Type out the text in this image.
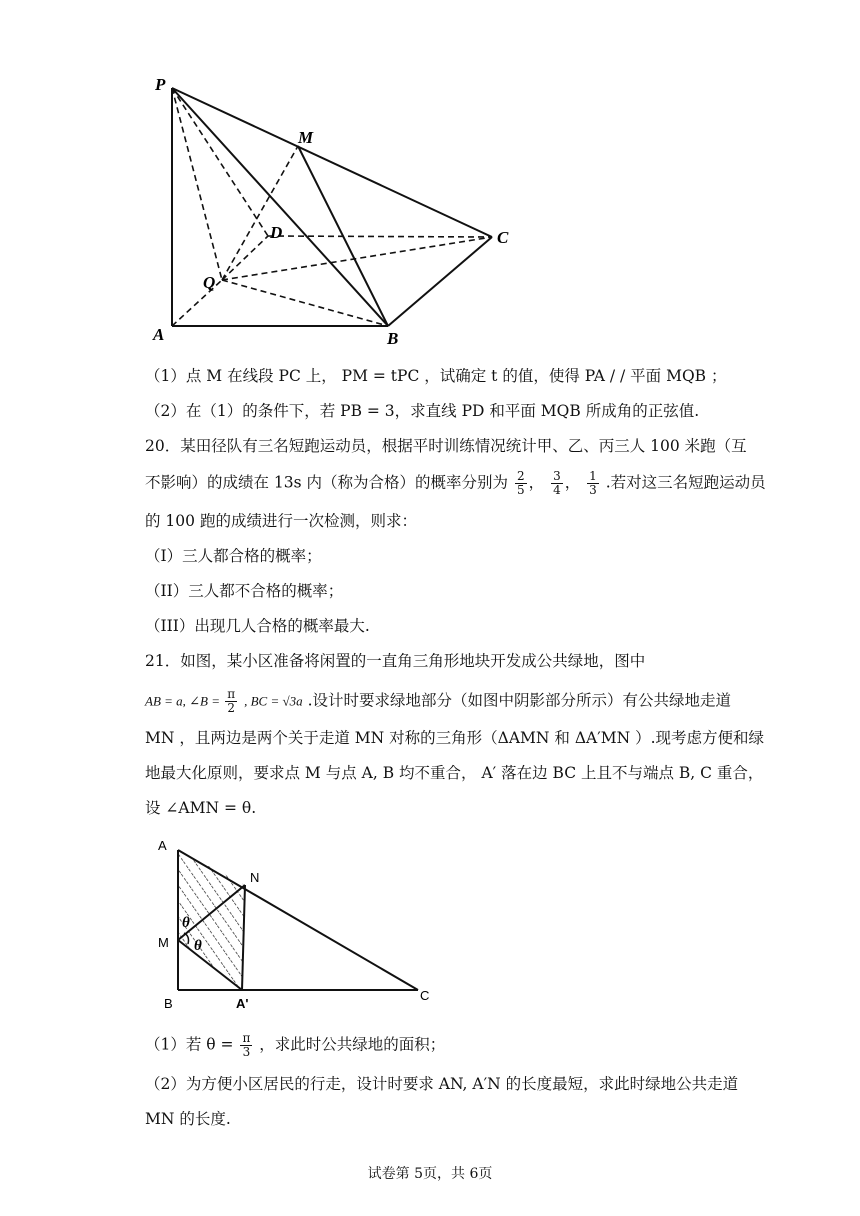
P
M
D	C
Q
A	B
（1）点 M 在线段 PC 上， PM = tPC ，试确定 t 的值，使得 PA / / 平面 MQB ；
（2）在（1）的条件下，若 PB = 3，求直线 PD 和平面 MQB 所成角的正弦值.
20．某田径队有三名短跑运动员，根据平时训练情况统计甲、乙、丙三人 100 米跑（互
不影响）的成绩在 13s 内（称为合格）的概率分别为 $\frac{2}{5}$ ， $\frac{3}{4}$ ， $\frac{1}{3}$ .若对这三名短跑运动员
的 100 跑的成绩进行一次检测，则求：
（I）三人都合格的概率；
（II）三人都不合格的概率；
（III）出现几人合格的概率最大.
21．如图，某小区准备将闲置的一直角三角形地块开发成公共绿地，图中
AB = a, ∠B = $\frac{\pi}{2}$ , BC = √3a .设计时要求绿地部分（如图中阴影部分所示）有公共绿地走道
MN ，且两边是两个关于走道 MN 对称的三角形（ΔAMN 和 ΔA′MN ）.现考虑方便和绿
地最大化原则，要求点 M 与点 A, B 均不重合， A′ 落在边 BC 上且不与端点 B, C 重合，
设 ∠AMN = θ.
A
N
M
B	A'
C
θ
θ
（1）若 $\theta = \frac{\pi}{3}$ ，求此时公共绿地的面积；
（2）为方便小区居民的行走，设计时要求 AN, A′N 的长度最短，求此时绿地公共走道
MN 的长度.
试卷第 5页，共 6页
